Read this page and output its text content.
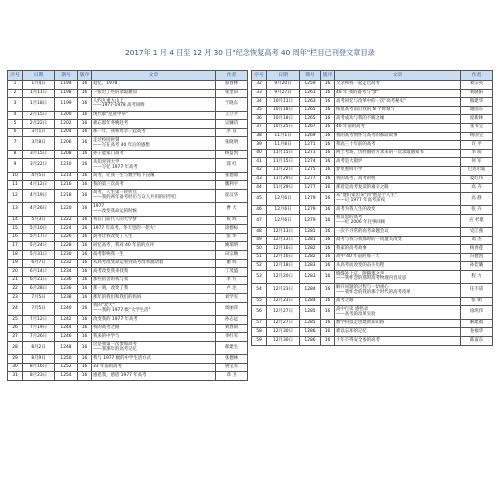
2017年 1 月 4 日至 12 月 30 日"纪念恢复高考 40 周年"栏目已刊登文章目录
序号	日期	期号	版序	文章	作者
1	1月4日	1194	16	追忆，1978	蔡春林
2	1月11日	1198	16	一张迟了些的录取通知	张奎田
3	1月18日	1199	16	人约九重九山上
——1977-1978 高考回眸	于晓东
4	2月15日	1200	16	现代版"范进中举"	王立平
5	2月22日	1202	16	难忘那年冬晚赴考	吴镛钧
6	3月1日	1204	16	那一年，我和母亲一起高考	李 良
7	3月8日	1206	16	走过校园时刻
——写在高考 40 年后的感想	张晓明
8	3月15日	1208	16	孙子能家门高考	杨益凯
9	3月22日	1210	16	从知青到大学
——写忆 1977 年高考	郑 红
10	4月5日	1214	16	高考，让我一生与数学结下良缘	张德福
11	4月12日	1216	16	我的第三次高考	魏利平
12	4月19日	1218	16	高考，人生第一转折点
——我的两年备考经历与众人共用的同学们	崔汉华
13	4月26日	1220	16	1977
——改变我命运的时候	曹 天
14	5月3日	1222	16	我在门前代人的大学梦	祝 辉
15	5月10日	1224	16	1977 年高考，冬天里的一把火！	徐德标
16	5月17日	1226	16	高考让我改变了人生	张 华
17	5月24日	1228	16	回忆高考，我对 40 年前的点评	姚瑞明
18	5月31日	1230	16	高考影响我一生	田宗顺
19	6月7日	1232	16	从高考改变命运看到高考改革涌动着	谢 辉
20	6月14日	1234	16	高考改变我来找我	丁茂盛
21	6月21日	1236	16	那些宿舍的我与我	李 方
22	6月28日	1236	16	那一刻，改变了我	卢 达
23	7月5日	1238	16	那年的我们和我们的妈妈	刘学军
24	7月5日	1240	16	我的"北大"
——我的 1977 级"大学生活"	周丽萍
25	7月12日	1242	16	改变我的 1977 年高考	孙志远
26	7月19日	1244	16	我的高考之路	刘春雨
27	7月26日	1246	16	我来的中学与	李红军
28	8月2日	1248	16	这是我第一次参加高考
——我那年的高考记忆	郝建生
29	8月9日	1250	16	我与 1977 级的中学生活方式	张德林
30	8月16日	1252	16	33 年前的高考	鲁宝军
31	8月23日	1254	16	感恩我，感恩 1977 年高考	邓 卫
序号	日期	期号	版序	文章	作者
32	9月20日	1259	16	父亲和我一起走过高考	刘宗英
33	9月27日	1261	16	40 年 我的备考与"梦"	刘晓阳
34	10月11日	1263	16	高考回忆与改革中的一次"高考秘史"	熊建华
35	10月18日	1265	16	恢复高考前后我的 N 个时刻与	谢雨东
36	10月18日	1265	16	高考成功与我的不解之缘	庞新林
37	10月25日	1267	16	40 年前的高考	张书宝
38	11月1日	1269	16	我的高考情怀与高考的那段故事	杨国宝
39	11月8日	1271	16	我高三十年前的高考	许 平
40	11月15日	1273	16	两上考场，历经曲折方求来的一次录取通知书	李 萌
41	11月15日	1274	16	高考是大锻炉	何 军
42	11月22日	1275	16	梦里重回小学	巴达尔迪
43	11月29日	1277	16	我的高考、高考的机	夏红伟
44	11月29日	1277	16	那曾是高考复读的艰辛之路	高 卉
45	12月6日	1279	16	从"他们家出来"到"他是个人生"
——记 1977 年高考前夜	高 静
46	12月6日	1279	16	高考为我人生的改变	张 卉
47	12月6日	1279	16	我反思的高考
——纪 2006 年往事回顾	应 杉堪
48	12月13日	1281	16	一次不寻常的高考命题会议	史江燕
49	12月13日	1281	16	高考与我与我那时的一同遭关改变	刘 杰
50	12月16日	1282	16	我家的高考故事	杨春莲
51	12月16日	1282	16	高中 40 年前的那一天	冯德凯
52	12月18日	1283	16	从高考而改变的奋斗历程	孙佳璐
53	12月20日	1283	16	缝缝补上庆，附随那之声
——我怀念的那时高考物理内容反思	程 力
54	12月23日	1284	16	解开问题的过程与一切重心
——我怀念的我的那个时代的高考改革	任不诺
55	12月23日	1284	16	高考之路	张 朝
56	12月27日	1285	16	高中行读 感悟录
——高考的改革实验	徐鸿伟
57	12月27日	1285	16	数学科技走创建新知识路	解建福
58	12月30日	1286	16	难以忘却的记忆	卷福华
59	12月30日	1286	16	十年不得安全参的高考	陈富东
